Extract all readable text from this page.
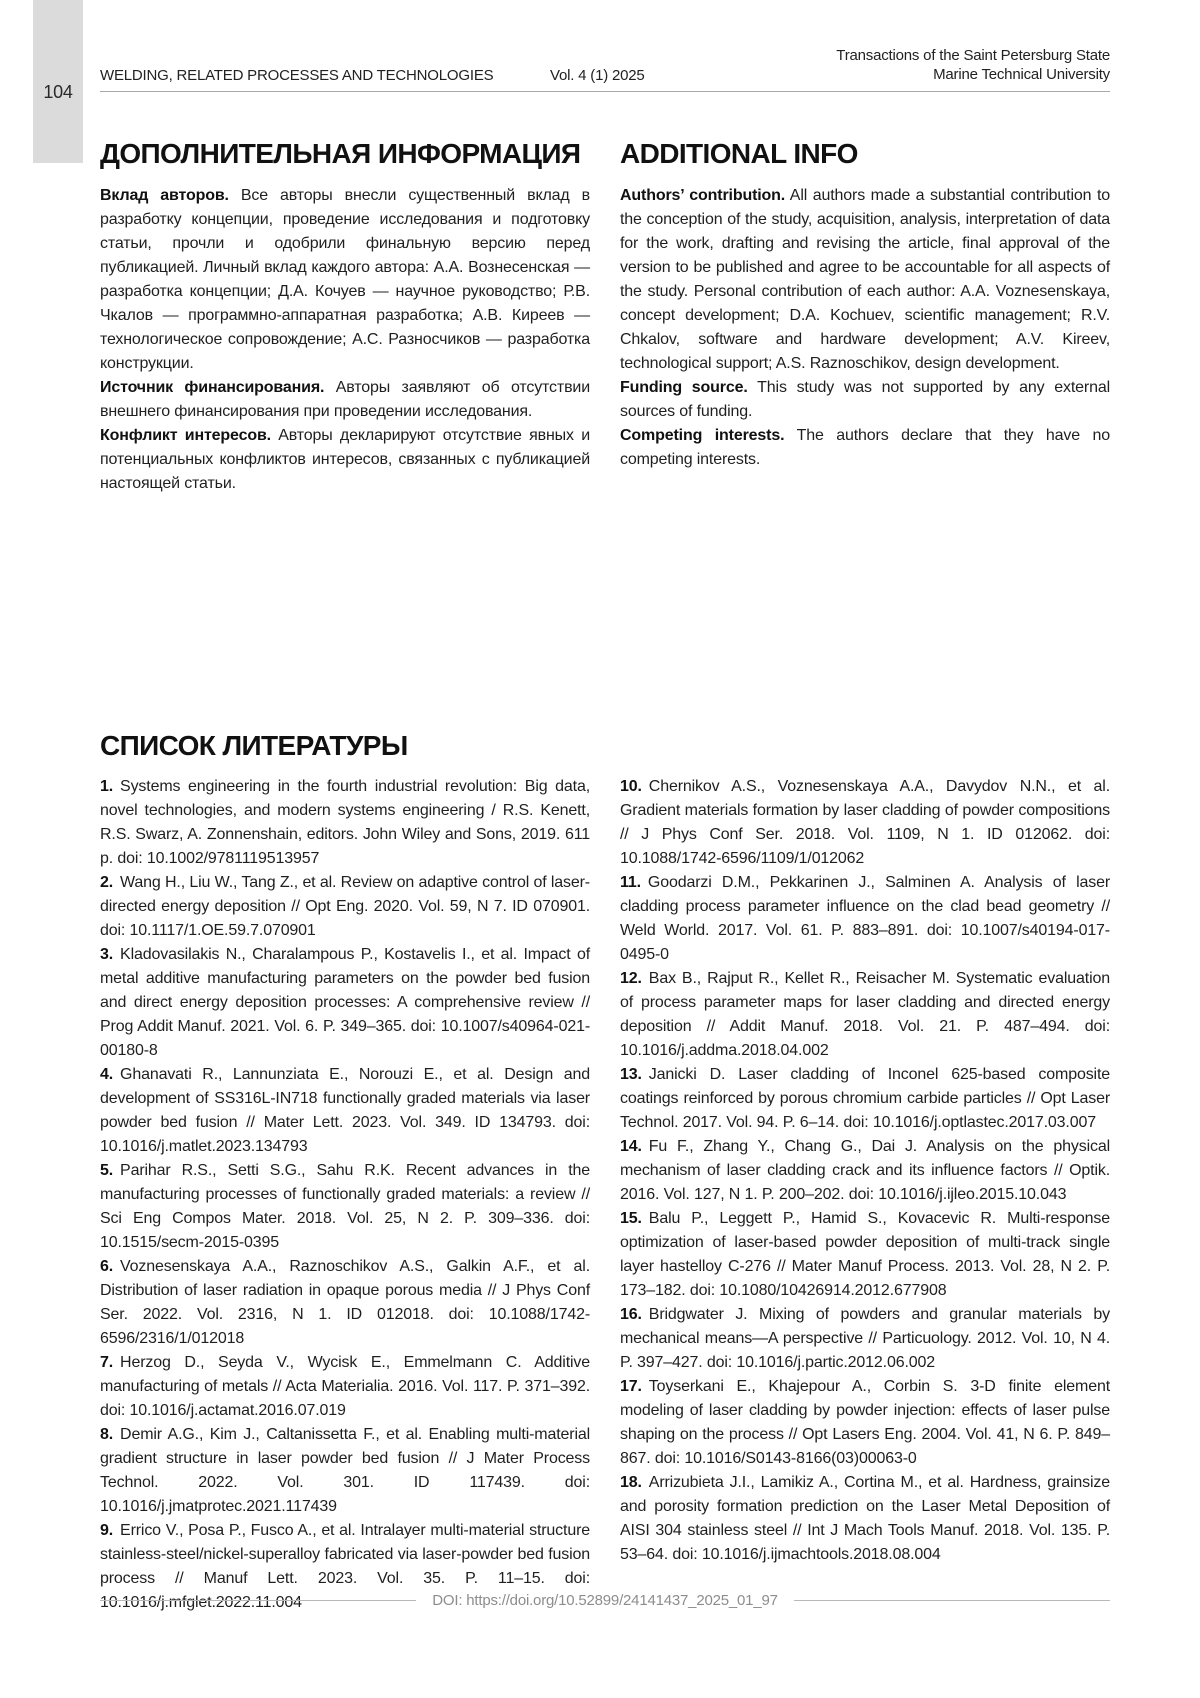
104
WELDING, RELATED PROCESSES AND TECHNOLOGIES	Vol. 4 (1) 2025
Transactions of the Saint Petersburg State
Marine Technical University
ДОПОЛНИТЕЛЬНАЯ ИНФОРМАЦИЯ	ADDITIONAL INFO

Вклад авторов. Все авторы внесли существенный вклад в разработку концепции, проведение исследования и подготовку статьи, прочли и одобрили финальную версию перед публикацией. Личный вклад каждого автора: А.А. Вознесенская — разработка концепции; Д.А. Кочуев — научное руководство; Р.В. Чкалов — программно-аппаратная разработка; А.В. Киреев — технологическое сопровождение; А.С. Разносчиков — разработка конструкции.

Источник финансирования. Авторы заявляют об отсутствии внешнего финансирования при проведении исследования.

Конфликт интересов. Авторы декларируют отсутствие явных и потенциальных конфликтов интересов, связанных с публикацией настоящей статьи.

Authors’ contribution. All authors made a substantial contribution to the conception of the study, acquisition, analysis, interpretation of data for the work, drafting and revising the article, final approval of the version to be published and agree to be accountable for all aspects of the study. Personal contribution of each author: A.A. Voznesenskaya, concept development; D.A. Kochuev, scientific management; R.V. Chkalov, software and hardware development; A.V. Kireev, technological support; A.S. Raznoschikov, design development.

Funding source. This study was not supported by any external sources of funding.

Competing interests. The authors declare that they have no competing interests.

СПИСОК ЛИТЕРАТУРЫ

1. Systems engineering in the fourth industrial revolution: Big data, novel technologies, and modern systems engineering / R.S. Kenett, R.S. Swarz, A. Zonnenshain, editors. John Wiley and Sons, 2019. 611 p. doi: 10.1002/9781119513957

2. Wang H., Liu W., Tang Z., et al. Review on adaptive control of laser-directed energy deposition // Opt Eng. 2020. Vol. 59, N 7. ID 070901. doi: 10.1117/1.OE.59.7.070901

3. Kladovasilakis N., Charalampous P., Kostavelis I., et al. Impact of metal additive manufacturing parameters on the powder bed fusion and direct energy deposition processes: A comprehensive review // Prog Addit Manuf. 2021. Vol. 6. P. 349–365. doi: 10.1007/s40964-021-00180-8

4. Ghanavati R., Lannunziata E., Norouzi E., et al. Design and development of SS316L-IN718 functionally graded materials via laser powder bed fusion // Mater Lett. 2023. Vol. 349. ID 134793. doi: 10.1016/j.matlet.2023.134793

5. Parihar R.S., Setti S.G., Sahu R.K. Recent advances in the manufacturing processes of functionally graded materials: a review // Sci Eng Compos Mater. 2018. Vol. 25, N 2. P. 309–336. doi: 10.1515/secm-2015-0395

6. Voznesenskaya A.A., Raznoschikov A.S., Galkin A.F., et al. Distribution of laser radiation in opaque porous media // J Phys Conf Ser. 2022. Vol. 2316, N 1. ID 012018. doi: 10.1088/1742-6596/2316/1/012018

7. Herzog D., Seyda V., Wycisk E., Emmelmann C. Additive manufacturing of metals // Acta Materialia. 2016. Vol. 117. P. 371–392. doi: 10.1016/j.actamat.2016.07.019

8. Demir A.G., Kim J., Caltanissetta F., et al. Enabling multi-material gradient structure in laser powder bed fusion // J Mater Process Technol. 2022. Vol. 301. ID 117439. doi: 10.1016/j.jmatprotec.2021.117439

9. Errico V., Posa P., Fusco A., et al. Intralayer multi-material structure stainless-steel/nickel-superalloy fabricated via laser-powder bed fusion process // Manuf Lett. 2023. Vol. 35. P. 11–15. doi: 10.1016/j.mfglet.2022.11.004

10. Chernikov A.S., Voznesenskaya A.A., Davydov N.N., et al. Gradient materials formation by laser cladding of powder compositions // J Phys Conf Ser. 2018. Vol. 1109, N 1. ID 012062. doi: 10.1088/1742-6596/1109/1/012062

11. Goodarzi D.M., Pekkarinen J., Salminen A. Analysis of laser cladding process parameter influence on the clad bead geometry // Weld World. 2017. Vol. 61. P. 883–891. doi: 10.1007/s40194-017-0495-0

12. Bax B., Rajput R., Kellet R., Reisacher M. Systematic evaluation of process parameter maps for laser cladding and directed energy deposition // Addit Manuf. 2018. Vol. 21. P. 487–494. doi: 10.1016/j.addma.2018.04.002

13. Janicki D. Laser cladding of Inconel 625-based composite coatings reinforced by porous chromium carbide particles // Opt Laser Technol. 2017. Vol. 94. P. 6–14. doi: 10.1016/j.optlastec.2017.03.007

14. Fu F., Zhang Y., Chang G., Dai J. Analysis on the physical mechanism of laser cladding crack and its influence factors // Optik. 2016. Vol. 127, N 1. P. 200–202. doi: 10.1016/j.ijleo.2015.10.043

15. Balu P., Leggett P., Hamid S., Kovacevic R. Multi-response optimization of laser-based powder deposition of multi-track single layer hastelloy C-276 // Mater Manuf Process. 2013. Vol. 28, N 2. P. 173–182. doi: 10.1080/10426914.2012.677908

16. Bridgwater J. Mixing of powders and granular materials by mechanical means—A perspective // Particuology. 2012. Vol. 10, N 4. P. 397–427. doi: 10.1016/j.partic.2012.06.002

17. Toyserkani E., Khajepour A., Corbin S. 3-D finite element modeling of laser cladding by powder injection: effects of laser pulse shaping on the process // Opt Lasers Eng. 2004. Vol. 41, N 6. P. 849–867. doi: 10.1016/S0143-8166(03)00063-0

18. Arrizubieta J.I., Lamikiz A., Cortina M., et al. Hardness, grainsize and porosity formation prediction on the Laser Metal Deposition of AISI 304 stainless steel // Int J Mach Tools Manuf. 2018. Vol. 135. P. 53–64. doi: 10.1016/j.ijmachtools.2018.08.004

DOI: https://doi.org/10.52899/24141437_2025_01_97
